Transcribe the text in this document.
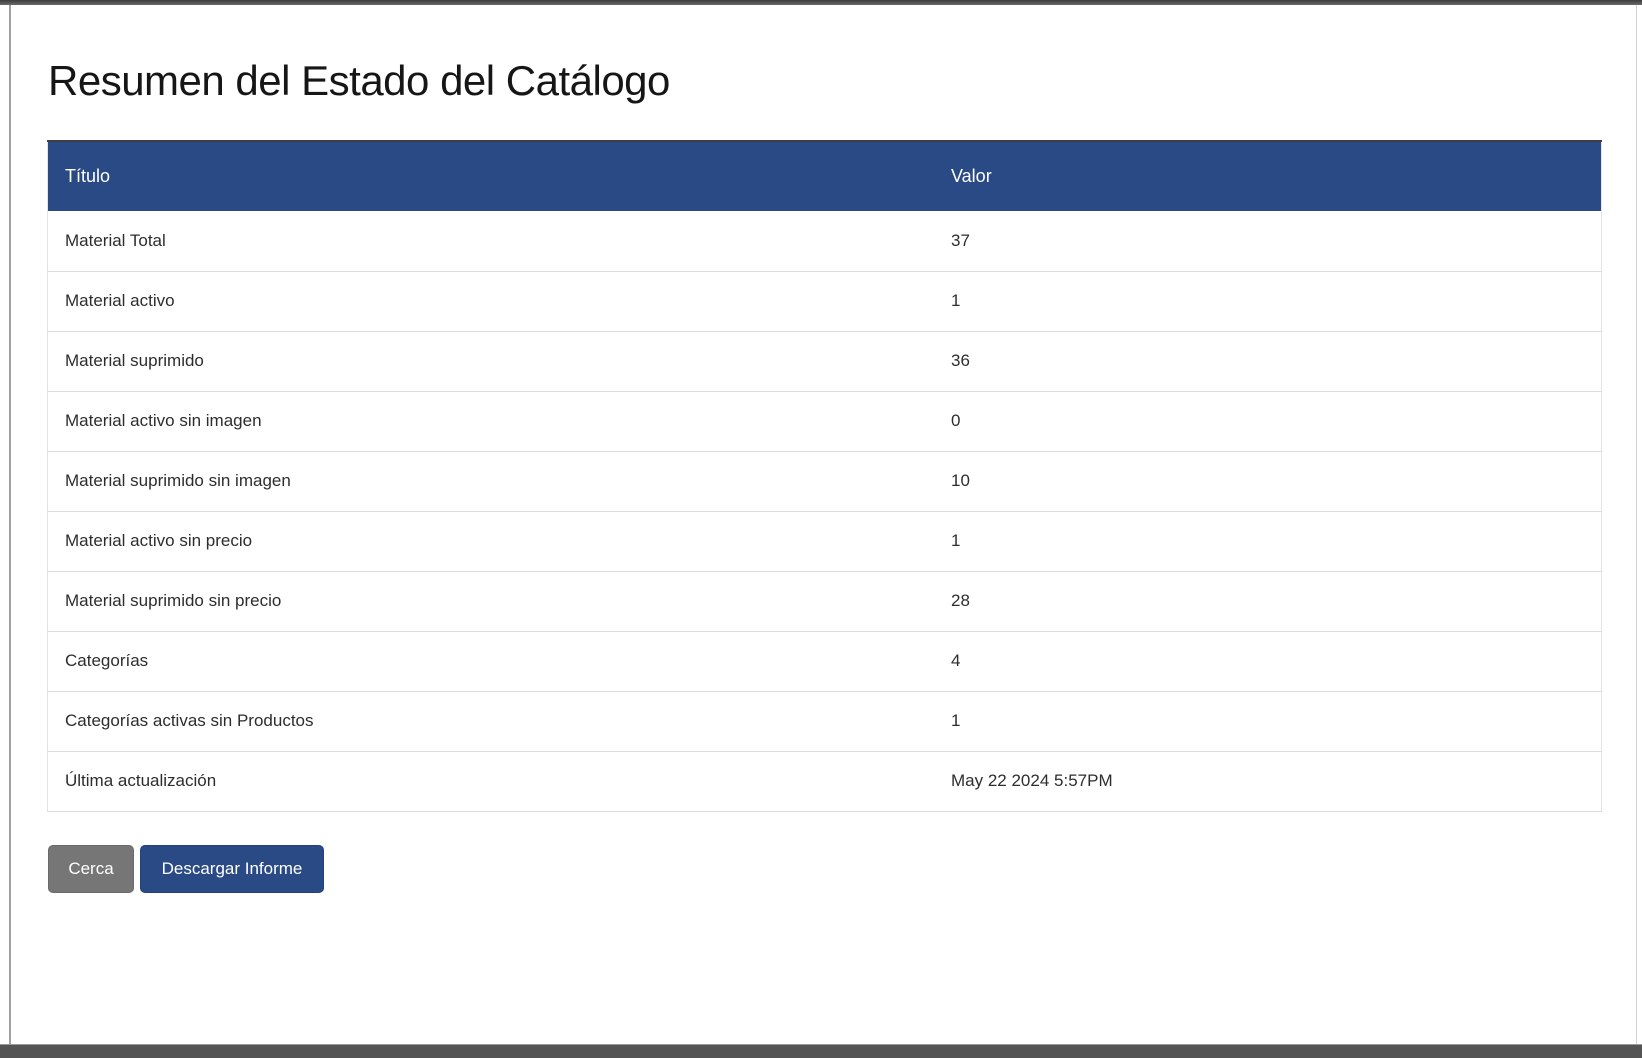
Resumen del Estado del Catálogo
Título	Valor
Material Total	37
Material activo	1
Material suprimido	36
Material activo sin imagen	0
Material suprimido sin imagen	10
Material activo sin precio	1
Material suprimido sin precio	28
Categorías	4
Categorías activas sin Productos	1
Última actualización	May 22 2024 5:57PM
Cerca	Descargar Informe
